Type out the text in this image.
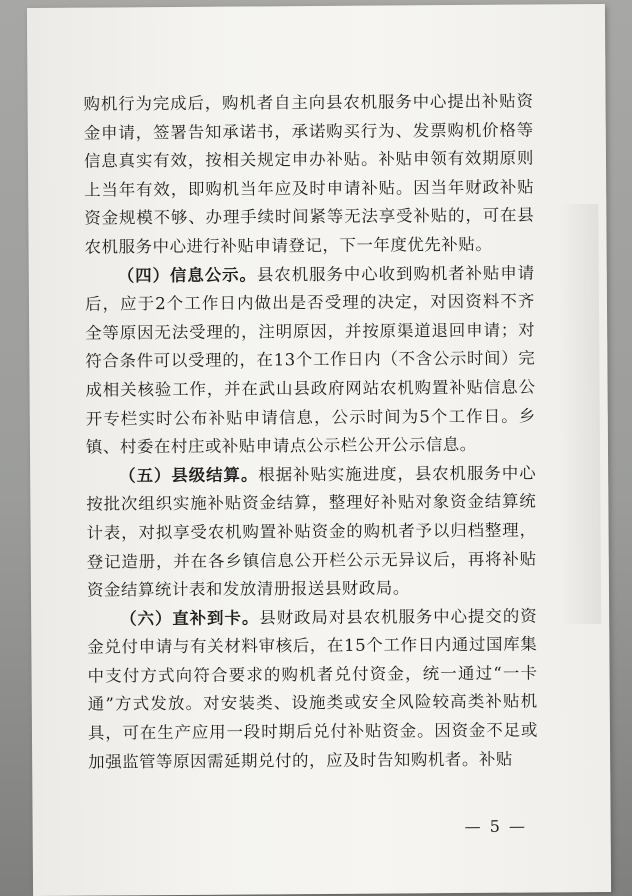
购机行为完成后，购机者自主向县农机服务中心提出补贴资金申请，签署告知承诺书，承诺购买行为、发票购机价格等信息真实有效，按相关规定申办补贴。补贴申领有效期原则上当年有效，即购机当年应及时申请补贴。因当年财政补贴资金规模不够、办理手续时间紧等无法享受补贴的，可在县农机服务中心进行补贴申请登记，下一年度优先补贴。

（四）信息公示。县农机服务中心收到购机者补贴申请后，应于2个工作日内做出是否受理的决定，对因资料不齐全等原因无法受理的，注明原因，并按原渠道退回申请；对符合条件可以受理的，在13个工作日内（不含公示时间）完成相关核验工作，并在武山县政府网站农机购置补贴信息公开专栏实时公布补贴申请信息，公示时间为5个工作日。乡镇、村委在村庄或补贴申请点公示栏公开公示信息。

（五）县级结算。根据补贴实施进度，县农机服务中心按批次组织实施补贴资金结算，整理好补贴对象资金结算统计表，对拟享受农机购置补贴资金的购机者予以归档整理，登记造册，并在各乡镇信息公开栏公示无异议后，再将补贴资金结算统计表和发放清册报送县财政局。

（六）直补到卡。县财政局对县农机服务中心提交的资金兑付申请与有关材料审核后，在15个工作日内通过国库集中支付方式向符合要求的购机者兑付资金，统一通过“一卡通”方式发放。对安装类、设施类或安全风险较高类补贴机具，可在生产应用一段时期后兑付补贴资金。因资金不足或加强监管等原因需延期兑付的，应及时告知购机者。补贴

— 5 —
